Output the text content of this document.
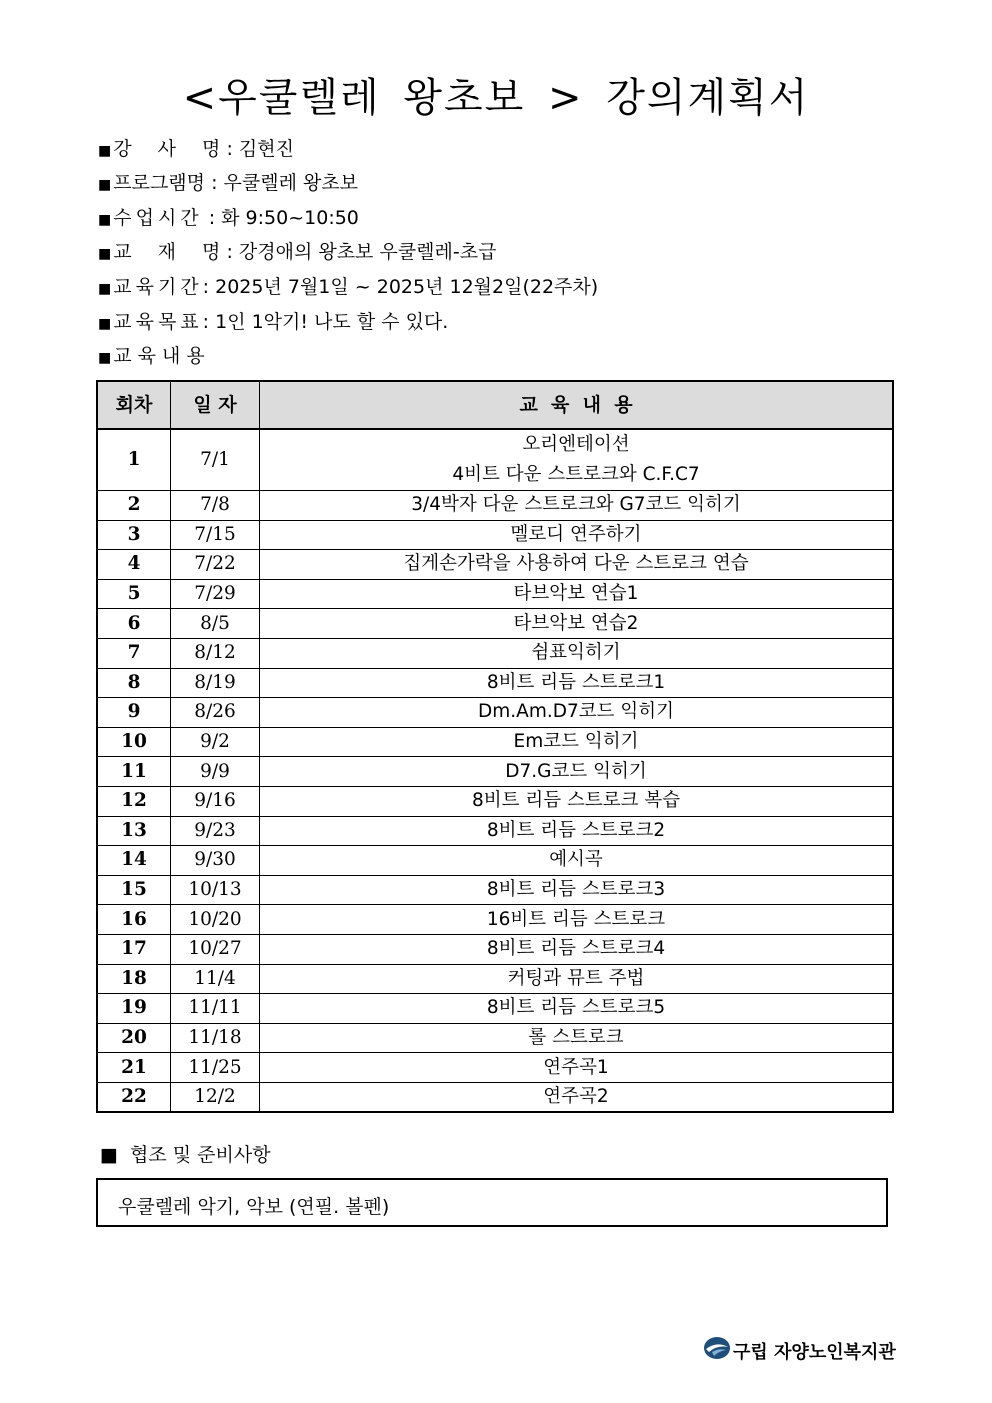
<우쿨렐레 왕초보 > 강의계획서
■ 강 사 명 : 김현진
■ 프로그램명 : 우쿨렐레 왕초보
■ 수업시간 : 화 9:50~10:50
■ 교 재 명 : 강경애의 왕초보 우쿨렐레-초급
■ 교육기간: 2025년 7월1일 ~ 2025년 12월2일(22주차)
■ 교육목표: 1인 1악기! 나도 할 수 있다.
■ 교 육 내 용
회차	일 자	교  육  내  용
1	7/1	오리엔테이션
4비트 다운 스트로크와 C.F.C7

2	7/8	3/4박자 다운 스트로크와 G7코드 익히기
3	7/15	멜로디 연주하기
4	7/22	집게손가락을 사용하여 다운 스트로크 연습
5	7/29	타브악보 연습1
6	8/5	타브악보 연습2
7	8/12	쉼표익히기
8	8/19	8비트 리듬 스트로크1
9	8/26	Dm.Am.D7코드 익히기
10	9/2	Em코드 익히기
11	9/9	D7.G코드 익히기
12	9/16	8비트 리듬 스트로크 복습
13	9/23	8비트 리듬 스트로크2
14	9/30	예시곡
15	10/13	8비트 리듬 스트로크3
16	10/20	16비트 리듬 스트로크
17	10/27	8비트 리듬 스트로크4
18	11/4	커팅과 뮤트 주법
19	11/11	8비트 리듬 스트로크5
20	11/18	롤 스트로크
21	11/25	연주곡1
22	12/2	연주곡2
■  협조 및 준비사항
우쿨렐레 악기, 악보 (연필. 볼펜)
구립 자양노인복지관
